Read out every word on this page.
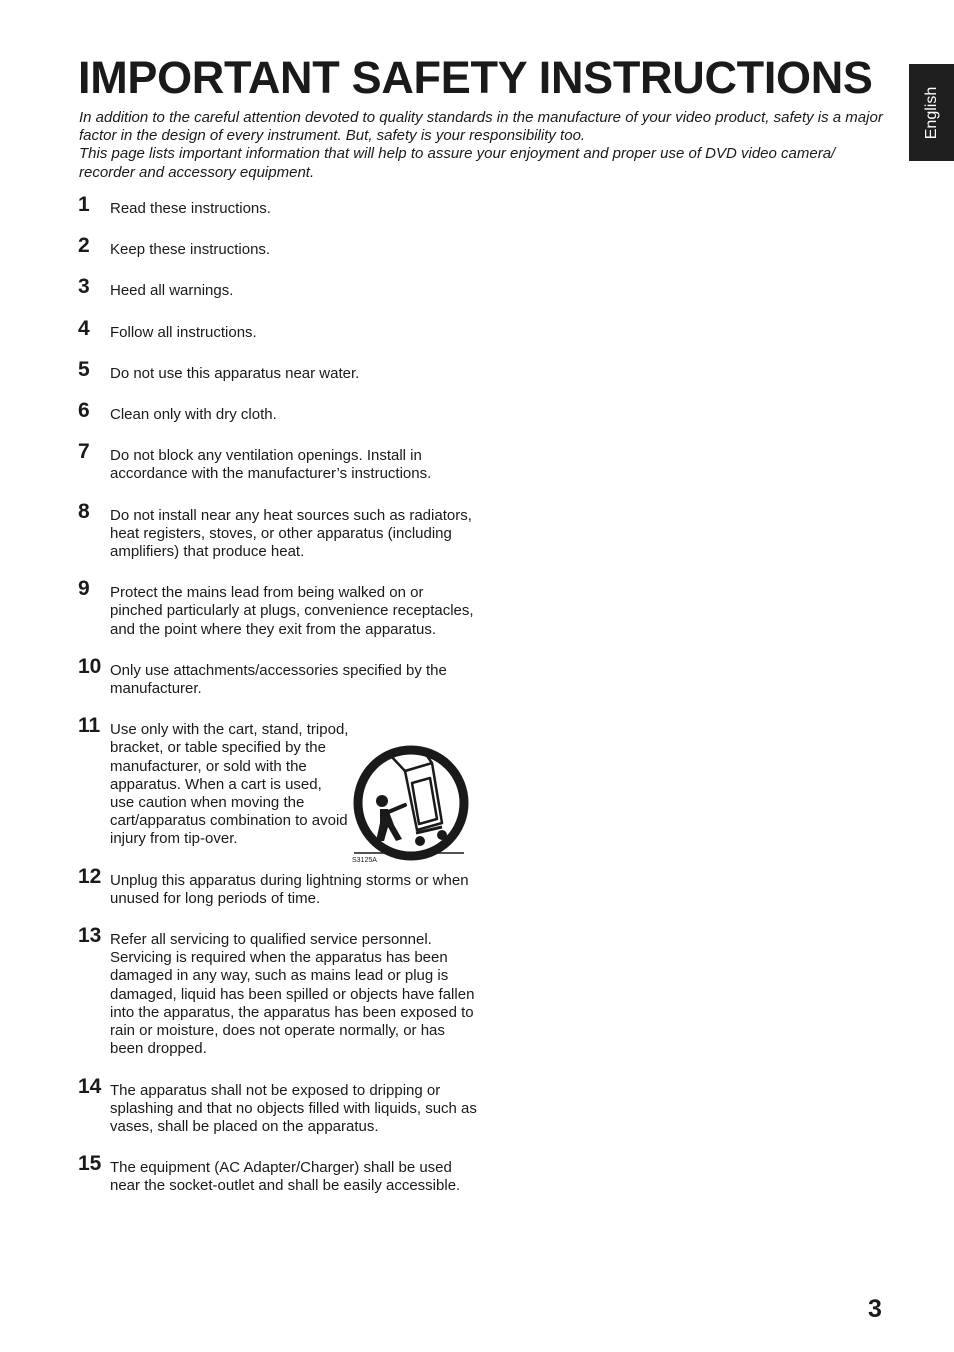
IMPORTANT SAFETY INSTRUCTIONS

In addition to the careful attention devoted to quality standards in the manufacture of your video product, safety is a major factor in the design of every instrument. But, safety is your responsibility too.

This page lists important information that will help to assure your enjoyment and proper use of DVD video camera/ recorder and accessory equipment.

English
1 Read these instructions.
2 Keep these instructions.
3 Heed all warnings.
4 Follow all instructions.
5 Do not use this apparatus near water.
6 Clean only with dry cloth.
7 Do not block any ventilation openings. Install in accordance with the manufacturer’s instructions.
8 Do not install near any heat sources such as radiators, heat registers, stoves, or other apparatus (including amplifiers) that produce heat.
9 Protect the mains lead from being walked on or pinched particularly at plugs, convenience receptacles, and the point where they exit from the apparatus.
10 Only use attachments/accessories specified by the manufacturer.
11 Use only with the cart, stand, tripod, bracket, or table specified by the manufacturer, or sold with the apparatus. When a cart is used, use caution when moving the cart/apparatus combination to avoid injury from tip-over.
12 Unplug this apparatus during lightning storms or when unused for long periods of time.
13 Refer all servicing to qualified service personnel. Servicing is required when the apparatus has been damaged in any way, such as mains lead or plug is damaged, liquid has been spilled or objects have fallen into the apparatus, the apparatus has been exposed to rain or moisture, does not operate normally, or has been dropped.
14 The apparatus shall not be exposed to dripping or splashing and that no objects filled with liquids, such as vases, shall be placed on the apparatus.
15 The equipment (AC Adapter/Charger) shall be used near the socket-outlet and shall be easily accessible.
S3125A
3
